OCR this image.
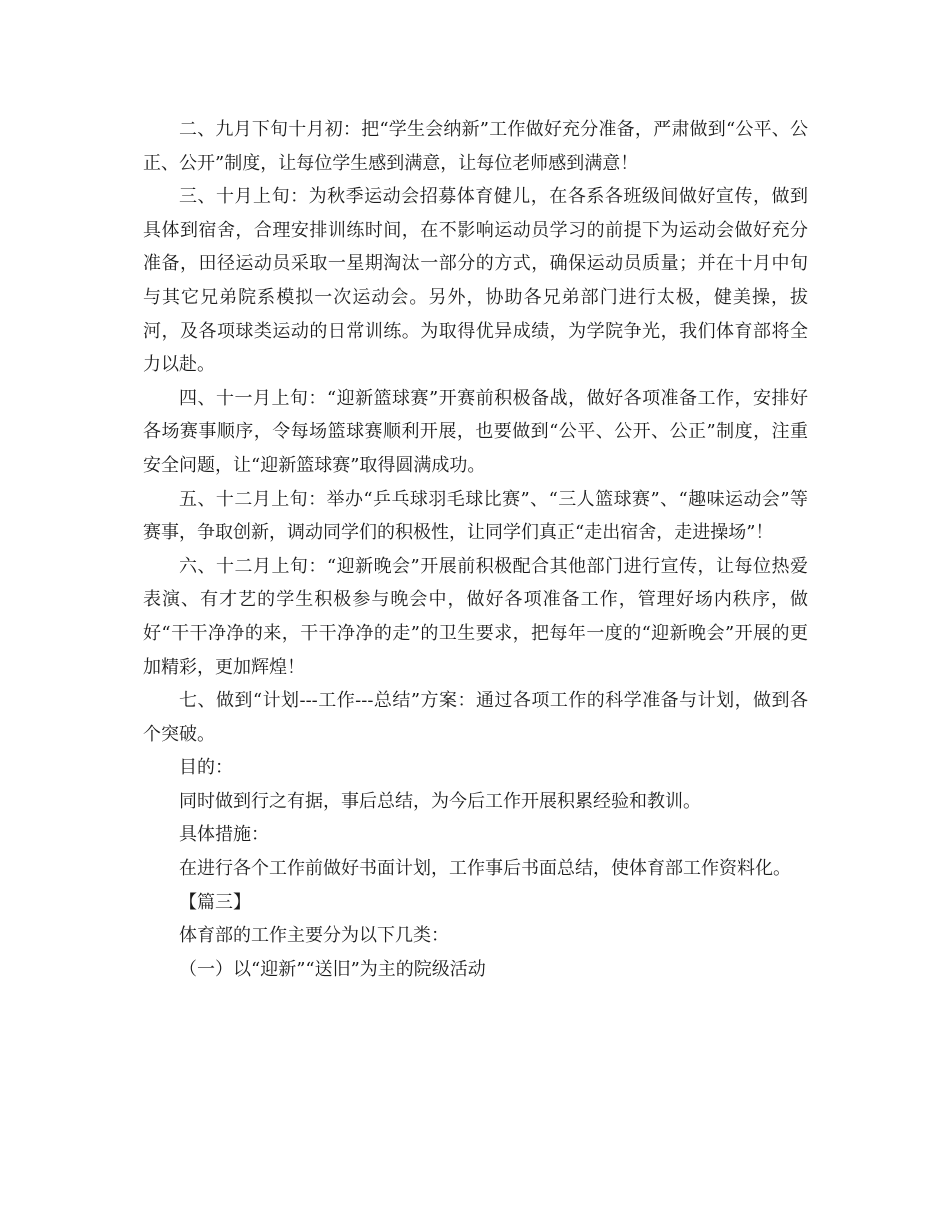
二、九月下旬十月初：把“学生会纳新”工作做好充分准备，严肃做到“公平、公正、公开”制度，让每位学生感到满意，让每位老师感到满意！

三、十月上旬：为秋季运动会招募体育健儿，在各系各班级间做好宣传，做到具体到宿舍，合理安排训练时间，在不影响运动员学习的前提下为运动会做好充分准备，田径运动员采取一星期淘汰一部分的方式，确保运动员质量；并在十月中旬与其它兄弟院系模拟一次运动会。另外，协助各兄弟部门进行太极，健美操，拔河，及各项球类运动的日常训练。为取得优异成绩，为学院争光，我们体育部将全力以赴。

四、十一月上旬：“迎新篮球赛”开赛前积极备战，做好各项准备工作，安排好各场赛事顺序，令每场篮球赛顺利开展，也要做到“公平、公开、公正”制度，注重安全问题，让“迎新篮球赛”取得圆满成功。

五、十二月上旬：举办“乒乓球羽毛球比赛”、“三人篮球赛”、“趣味运动会”等赛事，争取创新，调动同学们的积极性，让同学们真正“走出宿舍，走进操场”！

六、十二月上旬：“迎新晚会”开展前积极配合其他部门进行宣传，让每位热爱表演、有才艺的学生积极参与晚会中，做好各项准备工作，管理好场内秩序，做好“干干净净的来，干干净净的走”的卫生要求，把每年一度的“迎新晚会”开展的更加精彩，更加辉煌！

七、做到“计划---工作---总结”方案：通过各项工作的科学准备与计划，做到各个突破。

目的：

同时做到行之有据，事后总结，为今后工作开展积累经验和教训。

具体措施：

在进行各个工作前做好书面计划，工作事后书面总结，使体育部工作资料化。

【篇三】

体育部的工作主要分为以下几类：

（一）以“迎新”“送旧”为主的院级活动
